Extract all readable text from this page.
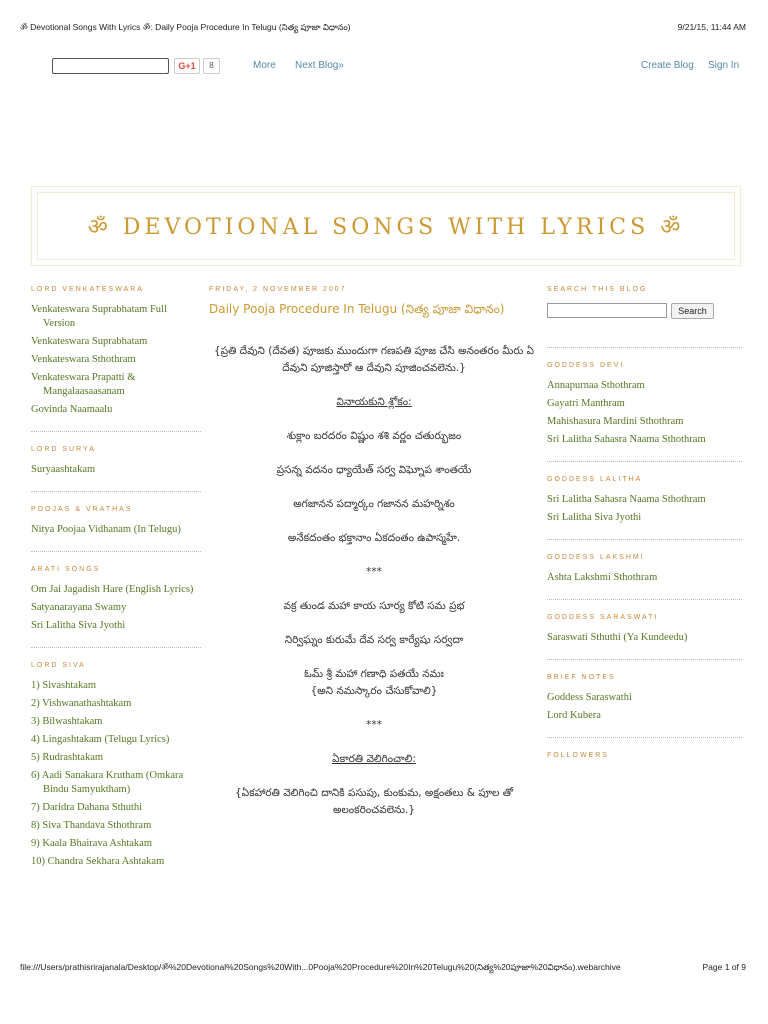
ॐ Devotional Songs With Lyrics ॐ: Daily Pooja Procedure In Telugu (నిత్య పూజా విధానం)	9/21/15, 11:44 AM
G+1	8	More Next Blog»	Create Blog Sign In
ॐ DEVOTIONAL SONGS WITH LYRICS ॐ
LORD VENKATESWARA
Venkateswara Suprabhatam Full Version
Venkateswara Suprabhatam
Venkateswara Sthothram
Venkateswara Prapatti & Mangalaasaasanam
Govinda Naamaalu
LORD SURYA
Suryaashtakam
POOJAS & VRATHAS
Nitya Poojaa Vidhanam (In Telugu)
ARATI SONGS
Om Jai Jagadish Hare (English Lyrics)
Satyanarayana Swamy
Sri Lalitha Siva Jyothi
LORD SIVA
1) Sivashtakam
2) Vishwanathashtakam
3) Bilwashtakam
4) Lingashtakam (Telugu Lyrics)
5) Rudrashtakam
6) Aadi Sanakara Krutham (Omkara Bindu Samyuktham)
7) Daridra Dahana Sthuthi
8) Siva Thandava Sthothram
9) Kaala Bhairava Ashtakam
10) Chandra Sekhara Ashtakam
FRIDAY, 2 NOVEMBER 2007
Daily Pooja Procedure In Telugu (నిత్య పూజా విధానం)

{ప్రతి దేవుని (దేవత) పూజకు ముందుగా గణపతి పూజ చేసి అనంతరం మీరు ఏ దేవుని పూజిస్తారో ఆ దేవుని పూజించవలెను.}

వినాయకుని శ్లోకం:

శుక్లాం బరదరం విష్ణుం శశి వర్ణం చతుర్భుజం

ప్రసన్న వదనం ధ్యాయేత్ సర్వ విఘ్నోప శాంతయే

అగజానన పద్మార్కం గజానన మహర్నిశం

అనేకదంతం భక్తానాం ఏకదంతం ఉపాస్మహే.

***

వక్ర తుండ మహా కాయ సూర్య కోటి సమ ప్రభ

నిర్విఘ్నం కురుమే దేవ సర్వ కార్యేషు సర్వదా

ఓమ్ శ్రీ మహా గణాధి పతయే నమః

{అని నమస్కారం చేసుకోవాలి}

***

ఏకారతి వెలిగించాలి:

{ఏకహారతి వెలిగించి దానికి పసుపు, కుంకుమ, అక్షంతలు & పూల తో అలంకరించవలెను.}

SEARCH THIS BLOG
Search
GODDESS DEVI
Annapurnaa Sthothram
Gayatri Manthram
Mahishasura Mardini Sthothram
Sri Lalitha Sahasra Naama Sthothram
GODDESS LALITHA
Sri Lalitha Sahasra Naama Sthothram
Sri Lalitha Siva Jyothi
GODDESS LAKSHMI
Ashta Lakshmi Sthothram
GODDESS SARASWATI
Saraswati Sthuthi (Ya Kundeedu)
BRIEF NOTES
Goddess Saraswathi
Lord Kubera
FOLLOWERS
file:///Users/prathisrirajanala/Desktop/ॐ%20Devotional%20Songs%20With...0Pooja%20Procedure%20In%20Telugu%20(నిత్య%20పూజా%20విధానం).webarchive	Page 1 of 9
